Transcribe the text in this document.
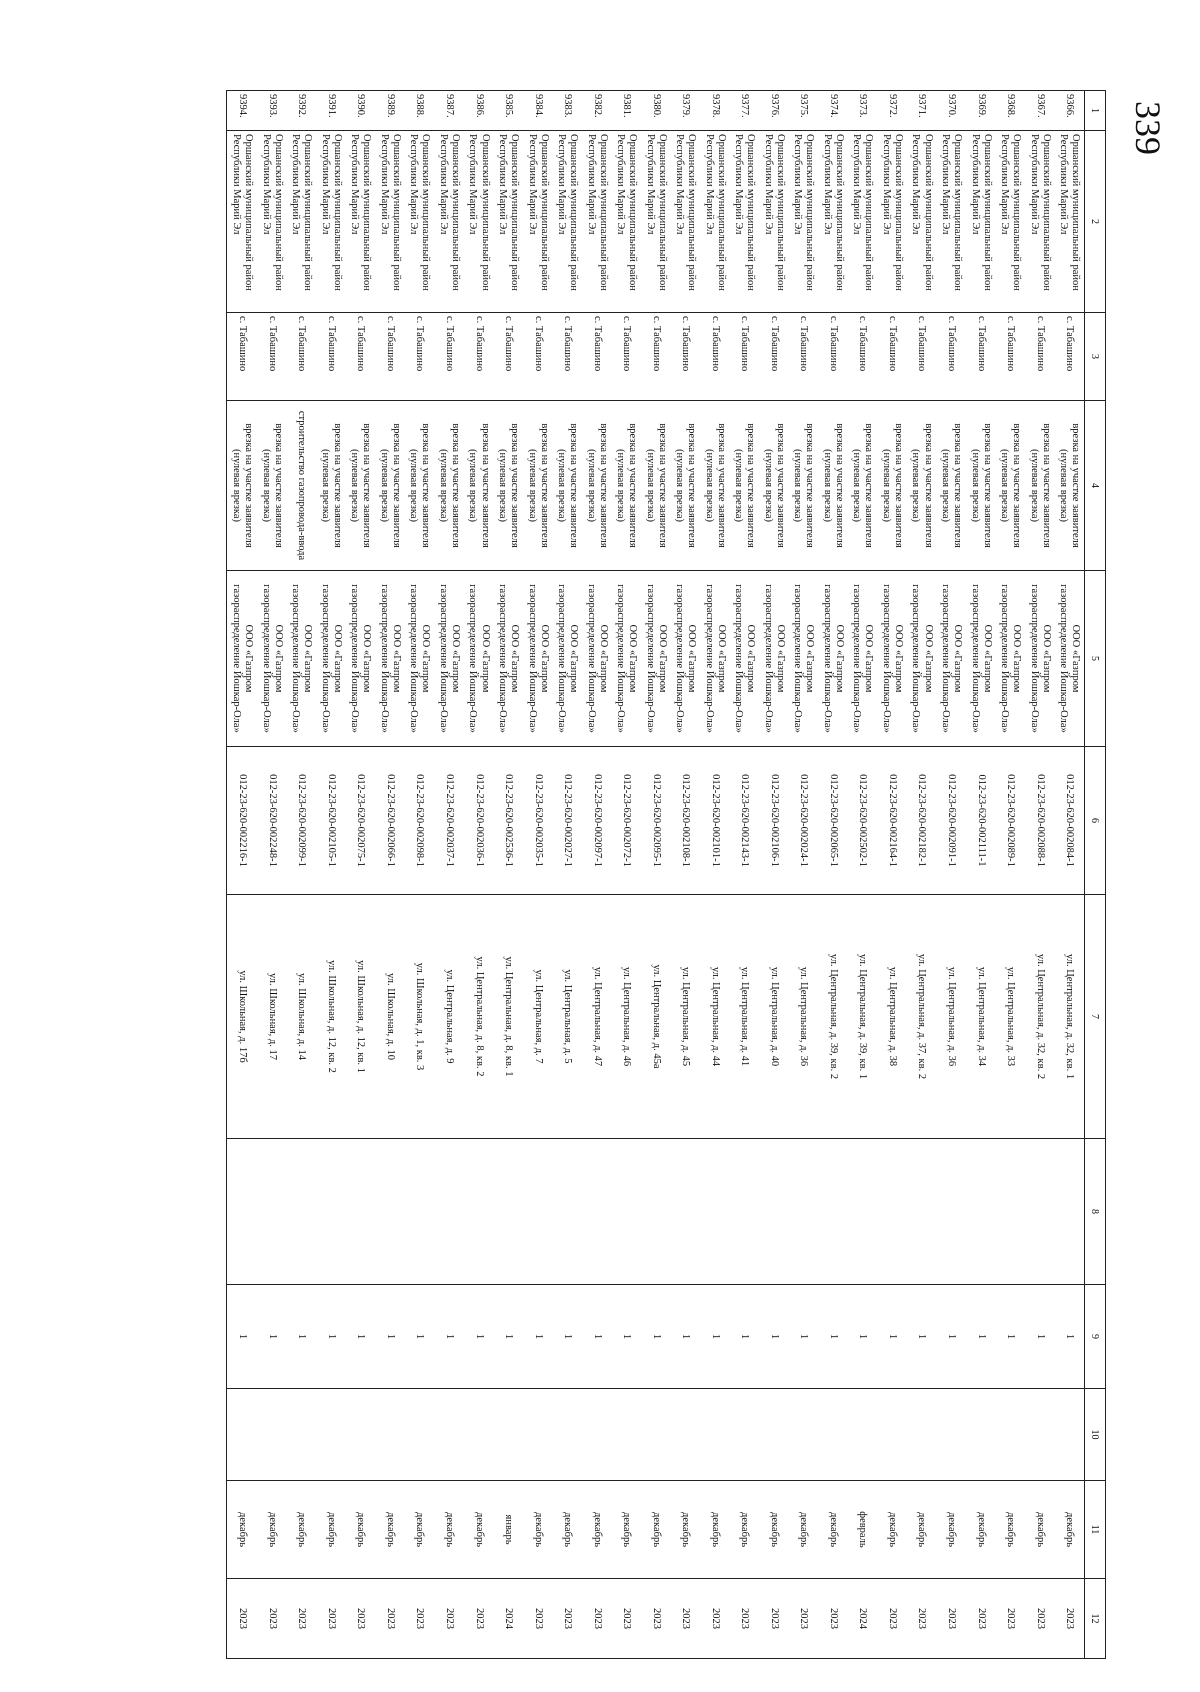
339
1	2	3	4	5	6	7	8	9	10	11	12
9366.	Оршанский муниципальный район
Республики Марий Эл	с. Табашино	врезка на участке заявителя
(нулевая врезка)	ООО «Газпром
газораспределение Йошкар-Ола»	012-23-620-002084-1	ул. Центральная, д. 32, кв. 1		1		декабрь	2023
9367.	Оршанский муниципальный район
Республики Марий Эл	с. Табашино	врезка на участке заявителя
(нулевая врезка)	ООО «Газпром
газораспределение Йошкар-Ола»	012-23-620-002088-1	ул. Центральная, д. 32, кв. 2		1		декабрь	2023
9368.	Оршанский муниципальный район
Республики Марий Эл	с. Табашино	врезка на участке заявителя
(нулевая врезка)	ООО «Газпром
газораспределение Йошкар-Ола»	012-23-620-002089-1	ул. Центральная, д. 33		1		декабрь	2023
9369.	Оршанский муниципальный район
Республики Марий Эл	с. Табашино	врезка на участке заявителя
(нулевая врезка)	ООО «Газпром
газораспределение Йошкар-Ола»	012-23-620-002111-1	ул. Центральная, д. 34		1		декабрь	2023
9370.	Оршанский муниципальный район
Республики Марий Эл	с. Табашино	врезка на участке заявителя
(нулевая врезка)	ООО «Газпром
газораспределение Йошкар-Ола»	012-23-620-002091-1	ул. Центральная, д. 36		1		декабрь	2023
9371.	Оршанский муниципальный район
Республики Марий Эл	с. Табашино	врезка на участке заявителя
(нулевая врезка)	ООО «Газпром
газораспределение Йошкар-Ола»	012-23-620-002182-1	ул. Центральная, д. 37, кв. 2		1		декабрь	2023
9372.	Оршанский муниципальный район
Республики Марий Эл	с. Табашино	врезка на участке заявителя
(нулевая врезка)	ООО «Газпром
газораспределение Йошкар-Ола»	012-23-620-002164-1	ул. Центральная, д. 38		1		декабрь	2023
9373.	Оршанский муниципальный район
Республики Марий Эл	с. Табашино	врезка на участке заявителя
(нулевая врезка)	ООО «Газпром
газораспределение Йошкар-Ола»	012-23-620-002502-1	ул. Центральная, д. 39, кв. 1		1		февраль	2024
9374.	Оршанский муниципальный район
Республики Марий Эл	с. Табашино	врезка на участке заявителя
(нулевая врезка)	ООО «Газпром
газораспределение Йошкар-Ола»	012-23-620-002065-1	ул. Центральная, д. 39, кв. 2		1		декабрь	2023
9375.	Оршанский муниципальный район
Республики Марий Эл	с. Табашино	врезка на участке заявителя
(нулевая врезка)	ООО «Газпром
газораспределение Йошкар-Ола»	012-23-620-002024-1	ул. Центральная, д. 36		1		декабрь	2023
9376.	Оршанский муниципальный район
Республики Марий Эл	с. Табашино	врезка на участке заявителя
(нулевая врезка)	ООО «Газпром
газораспределение Йошкар-Ола»	012-23-620-002106-1	ул. Центральная, д. 40		1		декабрь	2023
9377.	Оршанский муниципальный район
Республики Марий Эл	с. Табашино	врезка на участке заявителя
(нулевая врезка)	ООО «Газпром
газораспределение Йошкар-Ола»	012-23-620-002143-1	ул. Центральная, д. 41		1		декабрь	2023
9378.	Оршанский муниципальный район
Республики Марий Эл	с. Табашино	врезка на участке заявителя
(нулевая врезка)	ООО «Газпром
газораспределение Йошкар-Ола»	012-23-620-002101-1	ул. Центральная, д. 44		1		декабрь	2023
9379.	Оршанский муниципальный район
Республики Марий Эл	с. Табашино	врезка на участке заявителя
(нулевая врезка)	ООО «Газпром
газораспределение Йошкар-Ола»	012-23-620-002108-1	ул. Центральная, д. 45		1		декабрь	2023
9380.	Оршанский муниципальный район
Республики Марий Эл	с. Табашино	врезка на участке заявителя
(нулевая врезка)	ООО «Газпром
газораспределение Йошкар-Ола»	012-23-620-002095-1	ул. Центральная, д. 45а		1		декабрь	2023
9381.	Оршанский муниципальный район
Республики Марий Эл	с. Табашино	врезка на участке заявителя
(нулевая врезка)	ООО «Газпром
газораспределение Йошкар-Ола»	012-23-620-002072-1	ул. Центральная, д. 46		1		декабрь	2023
9382.	Оршанский муниципальный район
Республики Марий Эл	с. Табашино	врезка на участке заявителя
(нулевая врезка)	ООО «Газпром
газораспределение Йошкар-Ола»	012-23-620-002097-1	ул. Центральная, д. 47		1		декабрь	2023
9383.	Оршанский муниципальный район
Республики Марий Эл	с. Табашино	врезка на участке заявителя
(нулевая врезка)	ООО «Газпром
газораспределение Йошкар-Ола»	012-23-620-002027-1	ул. Центральная, д. 5		1		декабрь	2023
9384.	Оршанский муниципальный район
Республики Марий Эл	с. Табашино	врезка на участке заявителя
(нулевая врезка)	ООО «Газпром
газораспределение Йошкар-Ола»	012-23-620-002035-1	ул. Центральная, д. 7		1		декабрь	2023
9385.	Оршанский муниципальный район
Республики Марий Эл	с. Табашино	врезка на участке заявителя
(нулевая врезка)	ООО «Газпром
газораспределение Йошкар-Ола»	012-23-620-002536-1	ул. Центральная, д. 8, кв. 1		1		январь	2024
9386.	Оршанский муниципальный район
Республики Марий Эл	с. Табашино	врезка на участке заявителя
(нулевая врезка)	ООО «Газпром
газораспределение Йошкар-Ола»	012-23-620-002036-1	ул. Центральная, д. 8, кв. 2		1		декабрь	2023
9387.	Оршанский муниципальный район
Республики Марий Эл	с. Табашино	врезка на участке заявителя
(нулевая врезка)	ООО «Газпром
газораспределение Йошкар-Ола»	012-23-620-002037-1	ул. Центральная, д. 9		1		декабрь	2023
9388.	Оршанский муниципальный район
Республики Марий Эл	с. Табашино	врезка на участке заявителя
(нулевая врезка)	ООО «Газпром
газораспределение Йошкар-Ола»	012-23-620-002098-1	ул. Школьная, д. 1, кв. 3		1		декабрь	2023
9389.	Оршанский муниципальный район
Республики Марий Эл	с. Табашино	врезка на участке заявителя
(нулевая врезка)	ООО «Газпром
газораспределение Йошкар-Ола»	012-23-620-002066-1	ул. Школьная, д. 10		1		декабрь	2023
9390.	Оршанский муниципальный район
Республики Марий Эл	с. Табашино	врезка на участке заявителя
(нулевая врезка)	ООО «Газпром
газораспределение Йошкар-Ола»	012-23-620-002075-1	ул. Школьная, д. 12, кв. 1		1		декабрь	2023
9391.	Оршанский муниципальный район
Республики Марий Эл	с. Табашино	врезка на участке заявителя
(нулевая врезка)	ООО «Газпром
газораспределение Йошкар-Ола»	012-23-620-002105-1	ул. Школьная, д. 12, кв. 2		1		декабрь	2023
9392.	Оршанский муниципальный район
Республики Марий Эл	с. Табашино	строительство газопровода-ввода	ООО «Газпром
газораспределение Йошкар-Ола»	012-23-620-002099-1	ул. Школьная, д. 14		1		декабрь	2023
9393.	Оршанский муниципальный район
Республики Марий Эл	с. Табашино	врезка на участке заявителя
(нулевая врезка)	ООО «Газпром
газораспределение Йошкар-Ола»	012-23-620-002248-1	ул. Школьная, д. 17		1		декабрь	2023
9394.	Оршанский муниципальный район
Республики Марий Эл	с. Табашино	врезка на участке заявителя
(нулевая врезка)	ООО «Газпром
газораспределение Йошкар-Ола»	012-23-620-002216-1	ул. Школьная, д. 17б		1		декабрь	2023
